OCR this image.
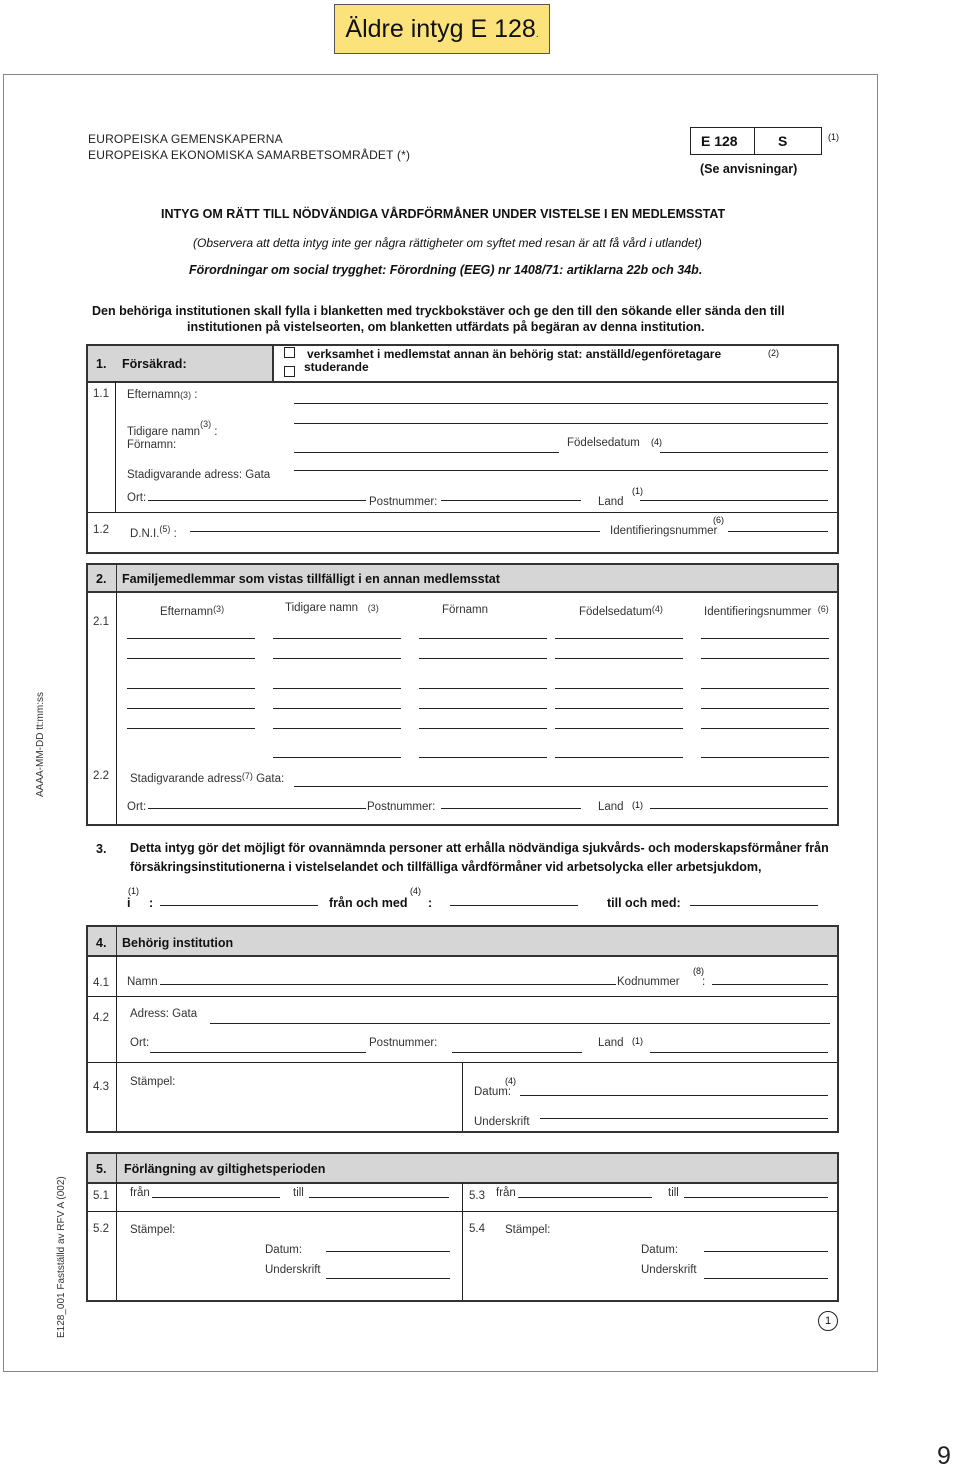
Äldre intyg E 128.
EUROPEISKA GEMENSKAPERNA
EUROPEISKA EKONOMISKA SAMARBETSOMRÅDET (*)
E 128	S	(1)
(Se anvisningar)
INTYG OM RÄTT TILL NÖDVÄNDIGA VÅRDFÖRMÅNER UNDER VISTELSE I EN MEDLEMSSTAT
(Observera att detta intyg inte ger några rättigheter om syftet med resan är att få vård i utlandet)
Förordningar om social trygghet: Förordning (EEG) nr 1408/71: artiklarna 22b och 34b.
Den behöriga institutionen skall fylla i blanketten med tryckbokstäver och ge den till den sökande eller sända den till
institutionen på vistelseorten, om blanketten utfärdats på begäran av denna institution.
1. Försäkrad:
verksamhet i medlemstat annan än behörig stat: anställd/egenföretagare	(2)
studerande
1.1 Efternamn(3) :
Tidigare namn$^{(3)}$ :
Förnamn:	Födelsedatum (4)
Stadigvarande adress: Gata
Ort:	Postnummer:	Land
(1)
1.2 D.N.I.$^{(5)}$ :	Identifieringsnummer
(6)
2. Familjemedlemmar som vistas tillfälligt i en annan medlemsstat
2.1
Efternamn$^{(3)}$	Tidigare namn (3)	Förnamn	Födelsedatum$^{(4)}$	Identifieringsnummer $^{(6)}$
2.2 Stadigvarande adress$^{(7)}$ Gata:
Ort:	Postnummer:	Land (1)
3. Detta intyg gör det möjligt för ovannämnda personer att erhålla nödvändiga sjukvårds- och moderskapsförmåner från
försäkringsinstitutionerna i vistelselandet och tillfälliga vårdförmåner vid arbetsolycka eller arbetsjukdom,
(1)
i :	från och med
(4)
:	till och med:
4. Behörig institution
4.1 Namn	Kodnummer
(8)
:
4.2 Adress: Gata
Ort:	Postnummer:	Land (1)
4.3 Stämpel:
Datum:
(4)
Underskrift
5. Förlängning av giltighetsperioden
5.1 från	till	5.3 från	till
5.2 Stämpel:
Datum:
Underskrift
5.4 Stämpel:
Datum:
Underskrift
AAAA-MM-DD tt:mm:ss
E128_001 Fastställd av RFV A (002)	1
9
